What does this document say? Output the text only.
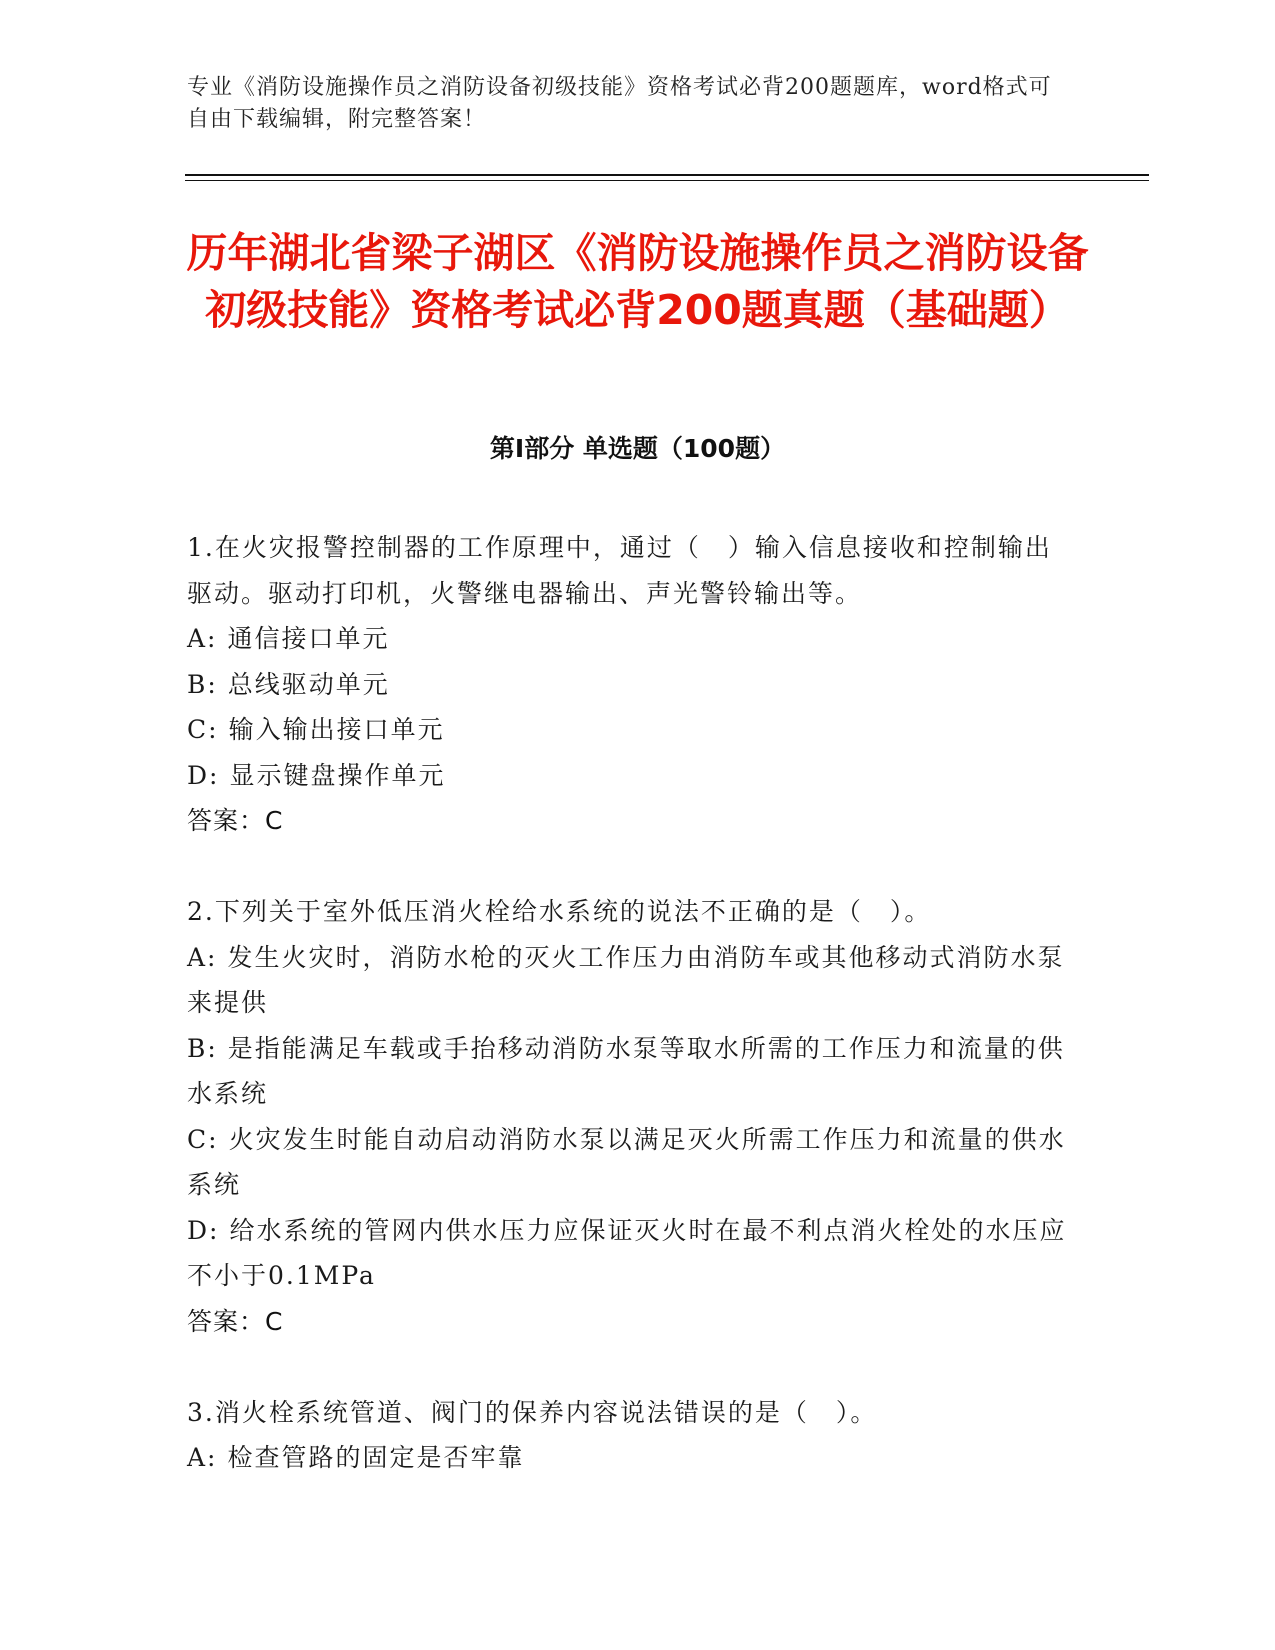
专业《消防设施操作员之消防设备初级技能》资格考试必背200题题库，word格式可自由下载编辑，附完整答案！
历年湖北省梁子湖区《消防设施操作员之消防设备初级技能》资格考试必背200题真题（基础题）
第Ⅰ部分 单选题（100题）
1.在火灾报警控制器的工作原理中，通过（　）输入信息接收和控制输出驱动。驱动打印机，火警继电器输出、声光警铃输出等。
A: 通信接口单元
B: 总线驱动单元
C: 输入输出接口单元
D: 显示键盘操作单元
答案：C
2.下列关于室外低压消火栓给水系统的说法不正确的是（　）。
A: 发生火灾时，消防水枪的灭火工作压力由消防车或其他移动式消防水泵来提供
B: 是指能满足车载或手抬移动消防水泵等取水所需的工作压力和流量的供水系统
C: 火灾发生时能自动启动消防水泵以满足灭火所需工作压力和流量的供水系统
D: 给水系统的管网内供水压力应保证灭火时在最不利点消火栓处的水压应不小于0.1MPa
答案：C
3.消火栓系统管道、阀门的保养内容说法错误的是（　）。
A: 检查管路的固定是否牢靠
